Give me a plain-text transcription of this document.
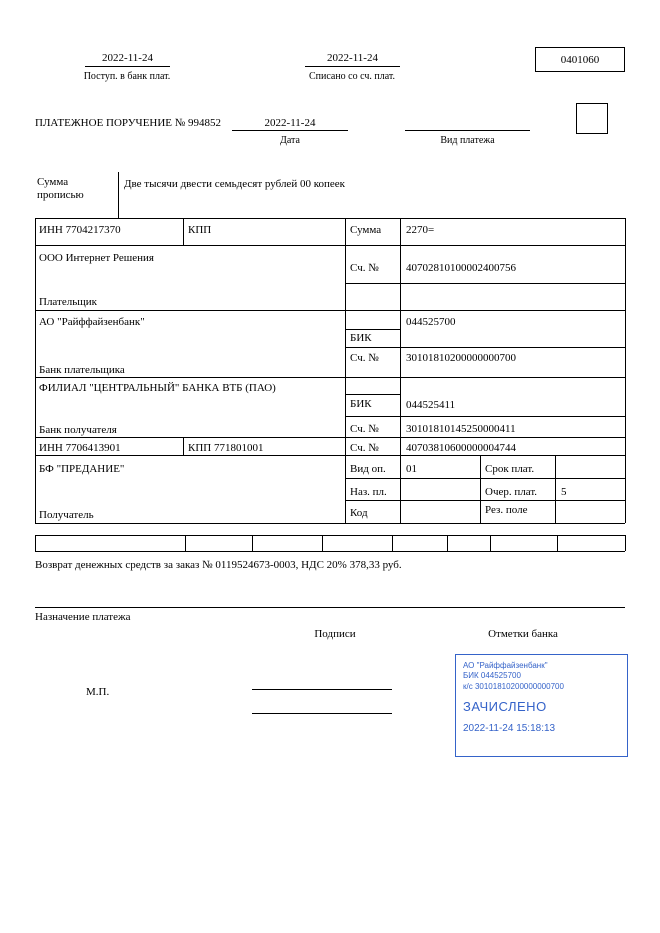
2022-11-24
Поступ. в банк плат.
2022-11-24
Списано со сч. плат.
0401060
ПЛАТЕЖНОЕ ПОРУЧЕНИЕ № 994852	2022-11-24
Дата	Вид платежа
Сумма
прописью
Две тысячи двести семьдесят рублей 00 копеек
ИНН 7704217370	КПП	Сумма 2270=
ООО Интернет Решения
Сч. № 40702810100002400756
Плательщик
АО "Райффайзенбанк"	044525700
БИК
Сч. № 30101810200000000700
Банк плательщика
ФИЛИАЛ "ЦЕНТРАЛЬНЫЙ" БАНКА ВТБ (ПАО)
БИК	044525411
Банк получателя	Сч. № 30101810145250000411
ИНН 7706413901	КПП 771801001	Сч. № 40703810600000004744
БФ "ПРЕДАНИЕ"	Вид оп. 01	Срок плат.
Наз. пл.	Очер. плат. 5
Получатель	Код	Рез. поле
Возврат денежных средств за заказ № 0119524673-0003, НДС 20% 378,33 руб.
Назначение платежа
Подписи	Отметки банка
М.П.
АО "Райффайзенбанк"
БИК 044525700
к/с 30101810200000000700
ЗАЧИСЛЕНО
2022-11-24 15:18:13
